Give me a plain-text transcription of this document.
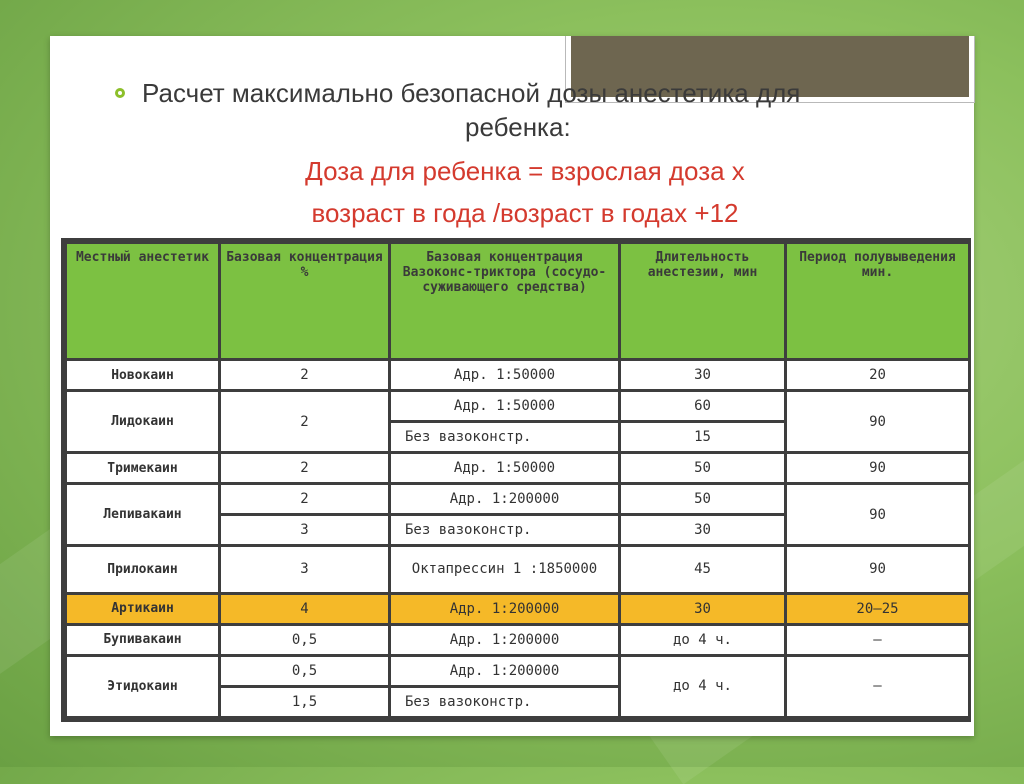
Расчет максимально безопасной дозы анестетика для
ребенка:
Доза для ребенка = взрослая доза х
возраст в года /возраст в годах +12
Местный анестетик	Базовая концентрация %	Базовая концентрация Вазоконс-триктора (сосудо-суживающего средства)	Длительность анестезии, мин	Период полувыведения мин.
Новокаин	2	Адр. 1:50000	30	20
Лидокаин	2	Адр. 1:50000	60	90
		Без вазоконстр.	15	
Тримекаин	2	Адр. 1:50000	50	90
Лепивакаин	2	Адр. 1:200000	50	90
	3	Без вазоконстр.	30	
Прилокаин	3	Октапрессин 1 :1850000	45	90
Артикаин	4	Адр. 1:200000	30	20–25
Бупивакаин	0,5	Адр. 1:200000	до 4 ч.	–
Этидокаин	0,5	Адр. 1:200000	до 4 ч.	–
	1,5	Без вазоконстр.		
